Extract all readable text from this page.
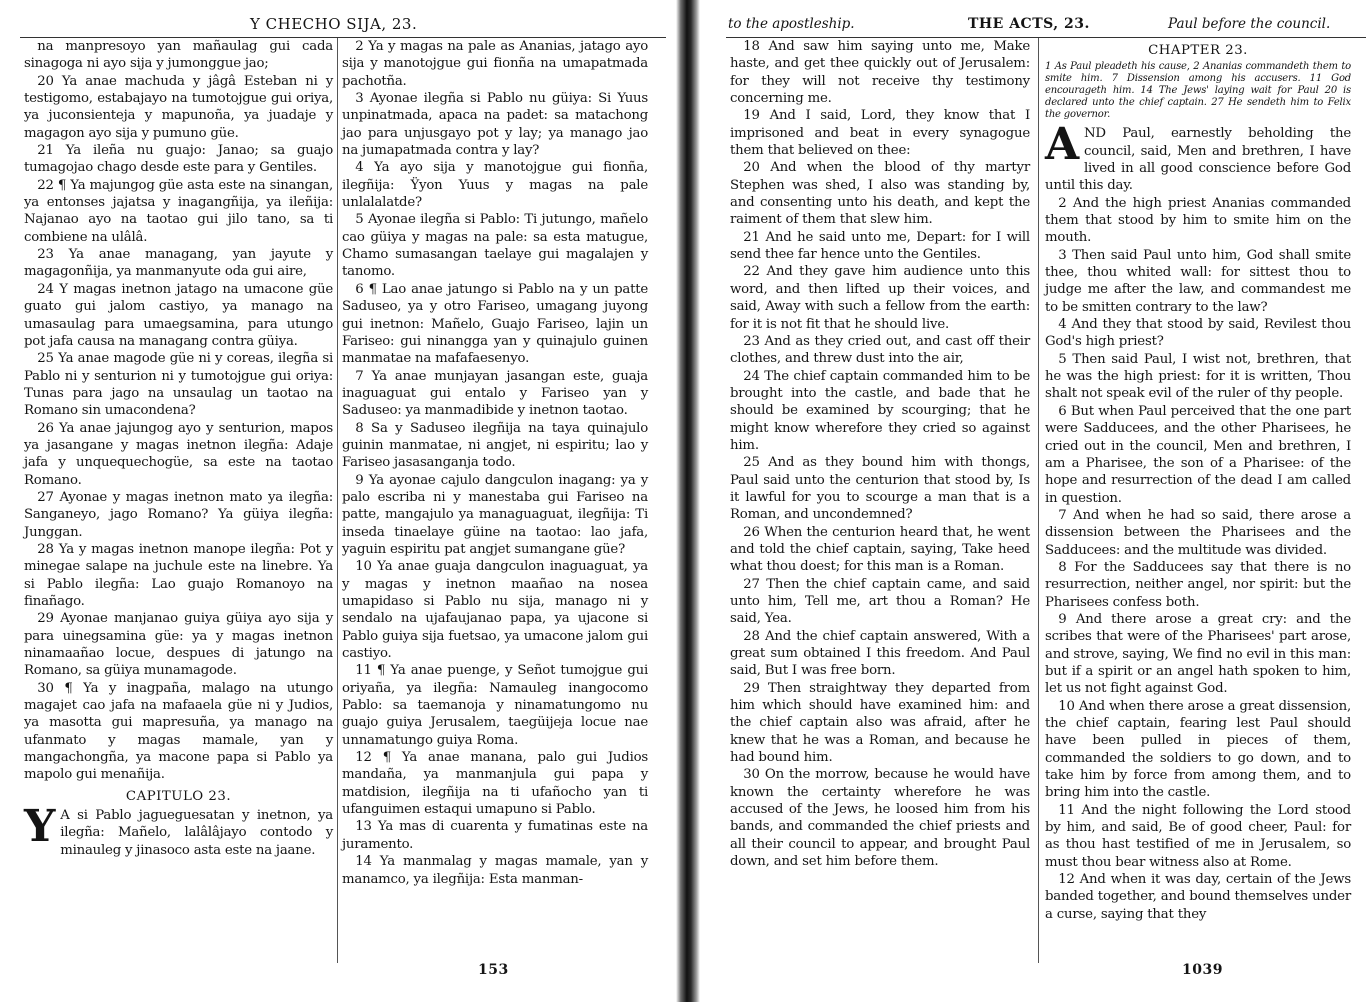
Y CHECHO SIJA, 23.

na manpresoyo yan mañaulag gui cada sinagoga ni ayo sija y jumonggue jao;

20 Ya anae machuda y jâgâ Esteban ni y testigomo, estabajayo na tumotojgue gui oriya, ya juconsienteja y mapunoña, ya juadaje y magagon ayo sija y pumuno güe.

21 Ya ileña nu guajo: Janao; sa guajo tumagojao chago desde este para y Gentiles.

22 ¶ Ya majungog güe asta este na sinangan, ya entonses jajatsa y inagangñija, ya ileñija: Najanao ayo na taotao gui jilo tano, sa ti combiene na ulâlâ.

23 Ya anae managang, yan jayute y magagonñija, ya manmanyute oda gui aire,

24 Y magas inetnon jatago na umacone güe guato gui jalom castiyo, ya manago na umasaulag para umaegsamina, para utungo pot jafa causa na managang contra güiya.

25 Ya anae magode güe ni y coreas, ilegña si Pablo ni y senturion ni y tumotojgue gui oriya: Tunas para jago na unsaulag un taotao na Romano sin umacondena?

26 Ya anae jajungog ayo y senturion, mapos ya jasangane y magas inetnon ilegña: Adaje jafa y unquequechogüe, sa este na taotao Romano.

27 Ayonae y magas inetnon mato ya ilegña: Sanganeyo, jago Romano? Ya güiya ilegña: Junggan.

28 Ya y magas inetnon manope ilegña: Pot y minegae salape na juchule este na linebre. Ya si Pablo ilegña: Lao guajo Romanoyo na finañago.

29 Ayonae manjanao guiya güiya ayo sija y para uinegsamina güe: ya y magas inetnon ninamaañao locue, despues di jatungo na Romano, sa güiya munamagode.

30 ¶ Ya y inagpaña, malago na utungo magajet cao jafa na mafaaela güe ni y Judios, ya masotta gui mapresuña, ya manago na ufanmato y magas mamale, yan y mangachongña, ya macone papa si Pablo ya mapolo gui menañija.

CAPITULO 23.

Y A si Pablo jagueguesatan y inetnon, ya ilegña: Mañelo, lalâlâjayo contodo y minauleg y jinasoco asta este na jaane.

2 Ya y magas na pale as Ananias, jatago ayo sija y manotojgue gui fionña na umapatmada pachotña.

3 Ayonae ilegña si Pablo nu güiya: Si Yuus unpinatmada, apaca na padet: sa matachong jao para unjusgayo pot y lay; ya manago jao na jumapatmada contra y lay?

4 Ya ayo sija y manotojgue gui fionña, ilegñija: Ÿyon Yuus y magas na pale unlalalatde?

5 Ayonae ilegña si Pablo: Ti jutungo, mañelo cao güiya y magas na pale: sa esta matugue, Chamo sumasangan taelaye gui magalajen y tanomo.

6 ¶ Lao anae jatungo si Pablo na y un patte Saduseo, ya y otro Fariseo, umagang juyong gui inetnon: Mañelo, Guajo Fariseo, lajin un Fariseo: gui ninangga yan y quinajulo guinen manmatae na mafafaesenyo.

7 Ya anae munjayan jasangan este, guaja inaguaguat gui entalo y Fariseo yan y Saduseo: ya manmadibide y inetnon taotao.

8 Sa y Saduseo ilegñija na taya quinajulo guinin manmatae, ni angjet, ni espiritu; lao y Fariseo jasasanganja todo.

9 Ya ayonae cajulo dangculon inagang: ya y palo escriba ni y manestaba gui Fariseo na patte, mangajulo ya managuaguat, ilegñija: Ti inseda tinaelaye güine na taotao: lao jafa, yaguin espiritu pat angjet sumangane güe?

10 Ya anae guaja dangculon inaguaguat, ya y magas y inetnon maañao na nosea umapidaso si Pablo nu sija, manago ni y sendalo na ujafaujanao papa, ya ujacone si Pablo guiya sija fuetsao, ya umacone jalom gui castiyo.

11 ¶ Ya anae puenge, y Señot tumojgue gui oriyaña, ya ilegña: Namauleg inangocomo Pablo: sa taemanoja y ninamatungomo nu guajo guiya Jerusalem, taegüijeja locue nae unnamatungo guiya Roma.

12 ¶ Ya anae manana, palo gui Judios mandaña, ya manmanjula gui papa y matdision, ilegñija na ti ufañocho yan ti ufanguimen estaqui umapuno si Pablo.

13 Ya mas di cuarenta y fumatinas este na juramento.

14 Ya manmalag y magas mamale, yan y manamco, ya ilegñija: Esta manman-

153
to the apostleship.	THE ACTS, 23.	Paul before the council.

18 And saw him saying unto me, Make haste, and get thee quickly out of Jerusalem: for they will not receive thy testimony concerning me.

19 And I said, Lord, they know that I imprisoned and beat in every synagogue them that believed on thee:

20 And when the blood of thy martyr Stephen was shed, I also was standing by, and consenting unto his death, and kept the raiment of them that slew him.

21 And he said unto me, Depart: for I will send thee far hence unto the Gentiles.

22 And they gave him audience unto this word, and then lifted up their voices, and said, Away with such a fellow from the earth: for it is not fit that he should live.

23 And as they cried out, and cast off their clothes, and threw dust into the air,

24 The chief captain commanded him to be brought into the castle, and bade that he should be examined by scourging; that he might know wherefore they cried so against him.

25 And as they bound him with thongs, Paul said unto the centurion that stood by, Is it lawful for you to scourge a man that is a Roman, and uncondemned?

26 When the centurion heard that, he went and told the chief captain, saying, Take heed what thou doest; for this man is a Roman.

27 Then the chief captain came, and said unto him, Tell me, art thou a Roman? He said, Yea.

28 And the chief captain answered, With a great sum obtained I this freedom. And Paul said, But I was free born.

29 Then straightway they departed from him which should have examined him: and the chief captain also was afraid, after he knew that he was a Roman, and because he had bound him.

30 On the morrow, because he would have known the certainty wherefore he was accused of the Jews, he loosed him from his bands, and commanded the chief priests and all their council to appear, and brought Paul down, and set him before them.

CHAPTER 23.

1 As Paul pleadeth his cause, 2 Ananias commandeth them to smite him. 7 Dissension among his accusers. 11 God encourageth him. 14 The Jews' laying wait for Paul 20 is declared unto the chief captain. 27 He sendeth him to Felix the governor.

AND Paul, earnestly beholding the council, said, Men and brethren, I have lived in all good conscience before God until this day.

2 And the high priest Ananias commanded them that stood by him to smite him on the mouth.

3 Then said Paul unto him, God shall smite thee, thou whited wall: for sittest thou to judge me after the law, and commandest me to be smitten contrary to the law?

4 And they that stood by said, Revilest thou God's high priest?

5 Then said Paul, I wist not, brethren, that he was the high priest: for it is written, Thou shalt not speak evil of the ruler of thy people.

6 But when Paul perceived that the one part were Sadducees, and the other Pharisees, he cried out in the council, Men and brethren, I am a Pharisee, the son of a Pharisee: of the hope and resurrection of the dead I am called in question.

7 And when he had so said, there arose a dissension between the Pharisees and the Sadducees: and the multitude was divided.

8 For the Sadducees say that there is no resurrection, neither angel, nor spirit: but the Pharisees confess both.

9 And there arose a great cry: and the scribes that were of the Pharisees' part arose, and strove, saying, We find no evil in this man: but if a spirit or an angel hath spoken to him, let us not fight against God.

10 And when there arose a great dissension, the chief captain, fearing lest Paul should have been pulled in pieces of them, commanded the soldiers to go down, and to take him by force from among them, and to bring him into the castle.

11 And the night following the Lord stood by him, and said, Be of good cheer, Paul: for as thou hast testified of me in Jerusalem, so must thou bear witness also at Rome.

12 And when it was day, certain of the Jews banded together, and bound themselves under a curse, saying that they

1039
